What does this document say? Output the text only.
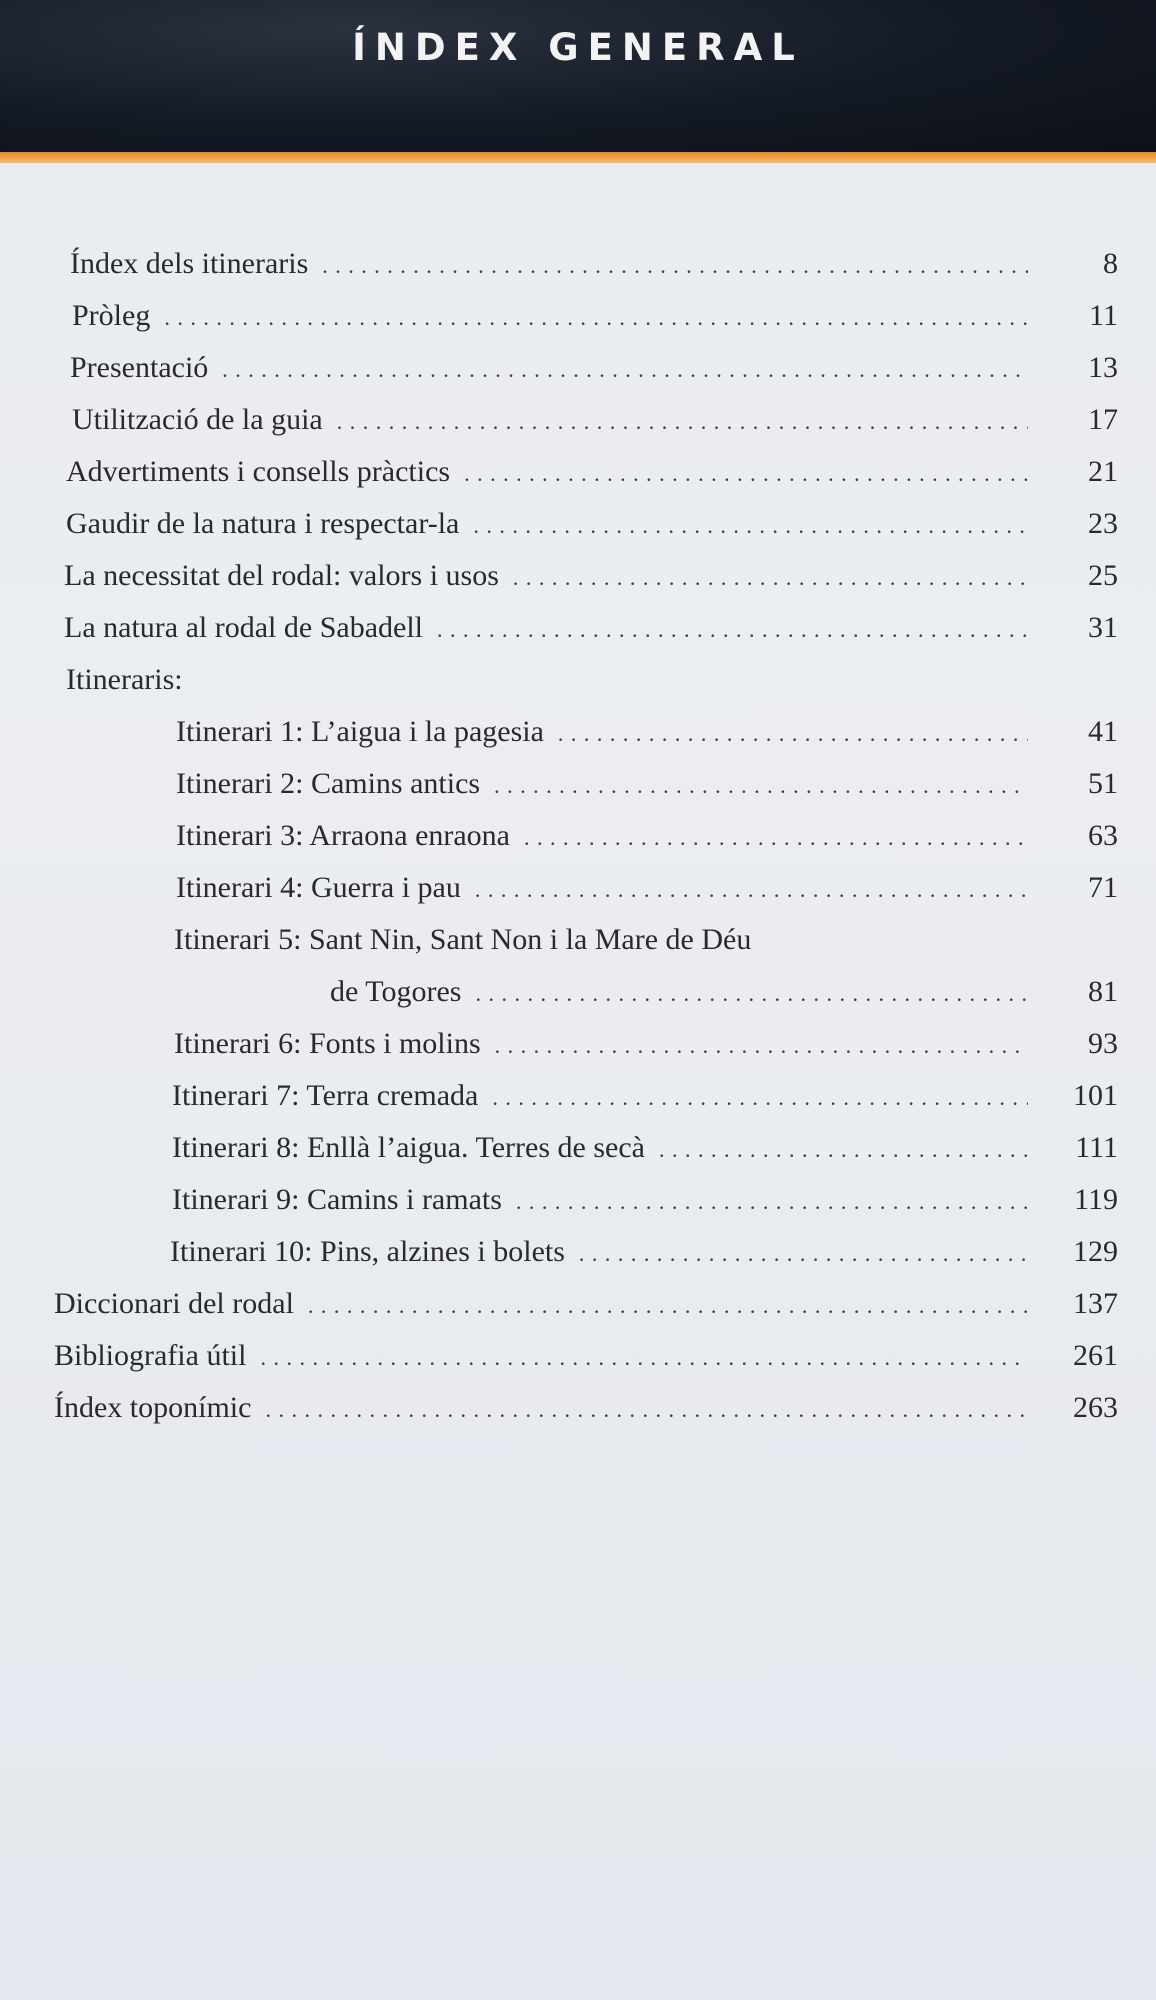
ÍNDEX GENERAL
Índex dels itineraris . . .	8
Pròleg . . .	11
Presentació . . .	13
Utilització de la guia . . .	17
Advertiments i consells pràctics . . .	21
Gaudir de la natura i respectar-la . . .	23
La necessitat del rodal: valors i usos . . .	25
La natura al rodal de Sabadell . . .	31
Itineraris:
Itinerari 1: L’aigua i la pagesia . . .	41
Itinerari 2: Camins antics . . .	51
Itinerari 3: Arraona enraona . . .	63
Itinerari 4: Guerra i pau . . .	71
Itinerari 5: Sant Nin, Sant Non i la Mare de Déu
de Togores . . .	81
Itinerari 6: Fonts i molins . . .	93
Itinerari 7: Terra cremada . . .	101
Itinerari 8: Enllà l’aigua. Terres de secà . . .	111
Itinerari 9: Camins i ramats . . .	119
Itinerari 10: Pins, alzines i bolets . . .	129
Diccionari del rodal . . .	137
Bibliografia útil . . .	261
Índex toponímic . . .	263
